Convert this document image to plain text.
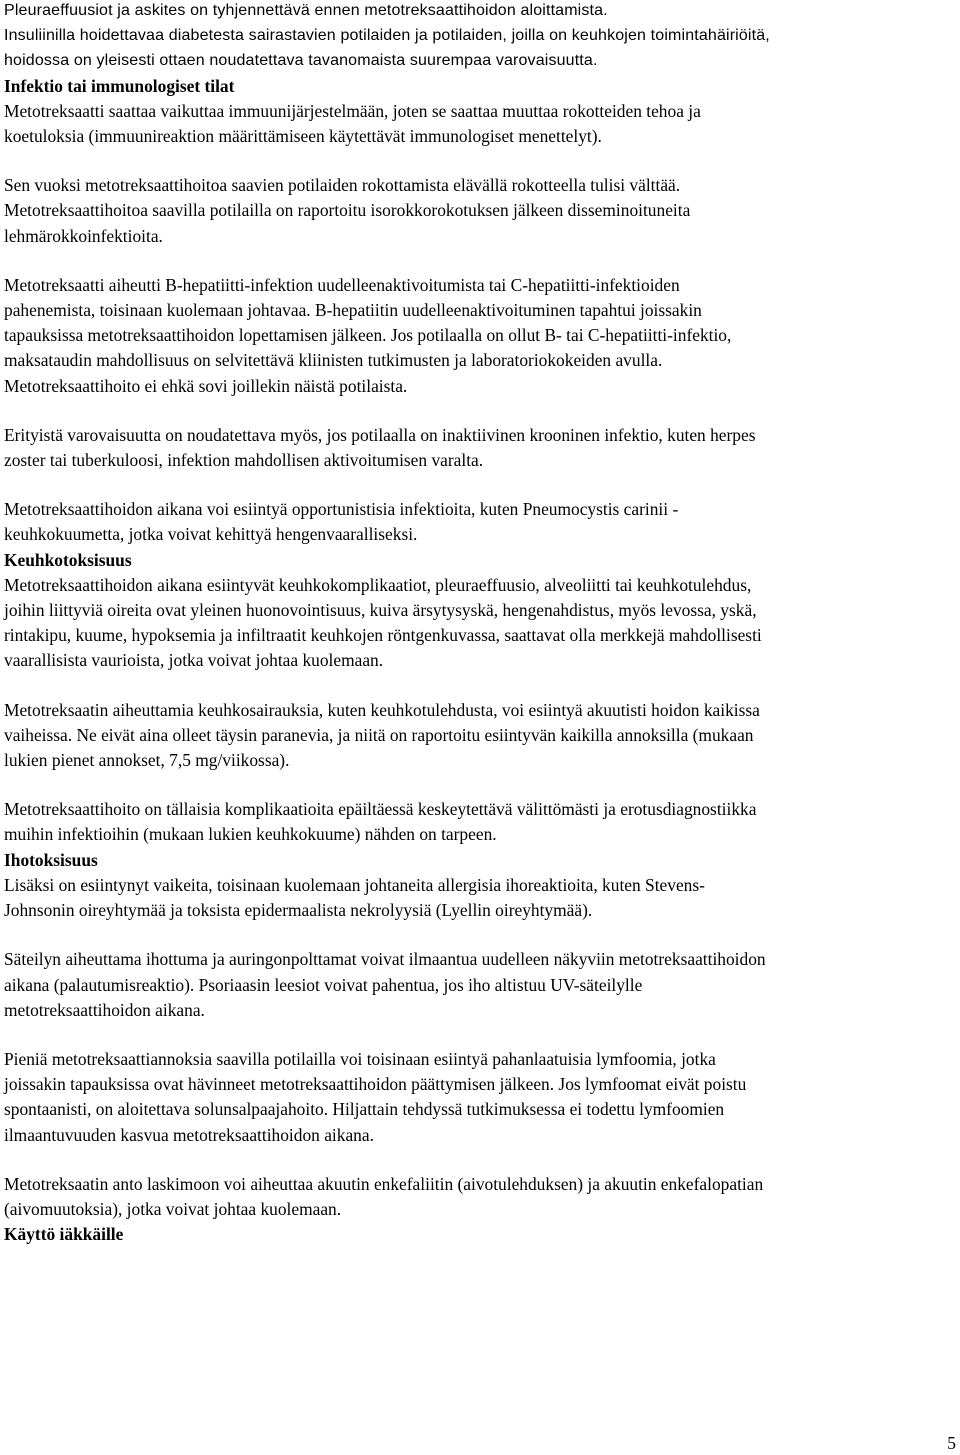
Pleuraeffuusiot ja askites on tyhjennettävä ennen metotreksaattihoidon aloittamista.
Insuliinilla hoidettavaa diabetesta sairastavien potilaiden ja potilaiden, joilla on keuhkojen toimintahäiriöitä,
hoidossa on yleisesti ottaen noudatettava tavanomaista suurempaa varovaisuutta.

Infektio tai immunologiset tilat

Metotreksaatti saattaa vaikuttaa immuunijärjestelmään, joten se saattaa muuttaa rokotteiden tehoa ja
koetuloksia (immuunireaktion määrittämiseen käytettävät immunologiset menettelyt).

Sen vuoksi metotreksaattihoitoa saavien potilaiden rokottamista elävällä rokotteella tulisi välttää.
Metotreksaattihoitoa saavilla potilailla on raportoitu isorokkorokotuksen jälkeen disseminoituneita
lehmärokkoinfektioita.

Metotreksaatti aiheutti B-hepatiitti-infektion uudelleenaktivoitumista tai C-hepatiitti-infektioiden
pahenemista, toisinaan kuolemaan johtavaa. B-hepatiitin uudelleenaktivoituminen tapahtui joissakin
tapauksissa metotreksaattihoidon lopettamisen jälkeen. Jos potilaalla on ollut B- tai C-hepatiitti-infektio,
maksataudin mahdollisuus on selvitettävä kliinisten tutkimusten ja laboratoriokokeiden avulla.
Metotreksaattihoito ei ehkä sovi joillekin näistä potilaista.

Erityistä varovaisuutta on noudatettava myös, jos potilaalla on inaktiivinen krooninen infektio, kuten herpes
zoster tai tuberkuloosi, infektion mahdollisen aktivoitumisen varalta.

Metotreksaattihoidon aikana voi esiintyä opportunistisia infektioita, kuten Pneumocystis carinii -
keuhkokuumetta, jotka voivat kehittyä hengenvaaralliseksi.

Keuhkotoksisuus

Metotreksaattihoidon aikana esiintyvät keuhkokomplikaatiot, pleuraeffuusio, alveoliitti tai keuhkotulehdus,
joihin liittyviä oireita ovat yleinen huonovointisuus, kuiva ärsytysyskä, hengenahdistus, myös levossa, yskä,
rintakipu, kuume, hypoksemia ja infiltraatit keuhkojen röntgenkuvassa, saattavat olla merkkejä mahdollisesti
vaarallisista vaurioista, jotka voivat johtaa kuolemaan.

Metotreksaatin aiheuttamia keuhkosairauksia, kuten keuhkotulehdusta, voi esiintyä akuutisti hoidon kaikissa
vaiheissa. Ne eivät aina olleet täysin paranevia, ja niitä on raportoitu esiintyvän kaikilla annoksilla (mukaan
lukien pienet annokset, 7,5 mg/viikossa).

Metotreksaattihoito on tällaisia komplikaatioita epäiltäessä keskeytettävä välittömästi ja erotusdiagnostiikka
muihin infektioihin (mukaan lukien keuhkokuume) nähden on tarpeen.

Ihotoksisuus

Lisäksi on esiintynyt vaikeita, toisinaan kuolemaan johtaneita allergisia ihoreaktioita, kuten Stevens-
Johnsonin oireyhtymää ja toksista epidermaalista nekrolyysiä (Lyellin oireyhtymää).

Säteilyn aiheuttama ihottuma ja auringonpolttamat voivat ilmaantua uudelleen näkyviin metotreksaattihoidon
aikana (palautumisreaktio). Psoriaasin leesiot voivat pahentua, jos iho altistuu UV-säteilylle
metotreksaattihoidon aikana.

Pieniä metotreksaattiannoksia saavilla potilailla voi toisinaan esiintyä pahanlaatuisia lymfoomia, jotka
joissakin tapauksissa ovat hävinneet metotreksaattihoidon päättymisen jälkeen. Jos lymfoomat eivät poistu
spontaanisti, on aloitettava solunsalpaajahoito. Hiljattain tehdyssä tutkimuksessa ei todettu lymfoomien
ilmaantuvuuden kasvua metotreksaattihoidon aikana.

Metotreksaatin anto laskimoon voi aiheuttaa akuutin enkefaliitin (aivotulehduksen) ja akuutin enkefalopatian
(aivomuutoksia), jotka voivat johtaa kuolemaan.

Käyttö iäkkäille
5
